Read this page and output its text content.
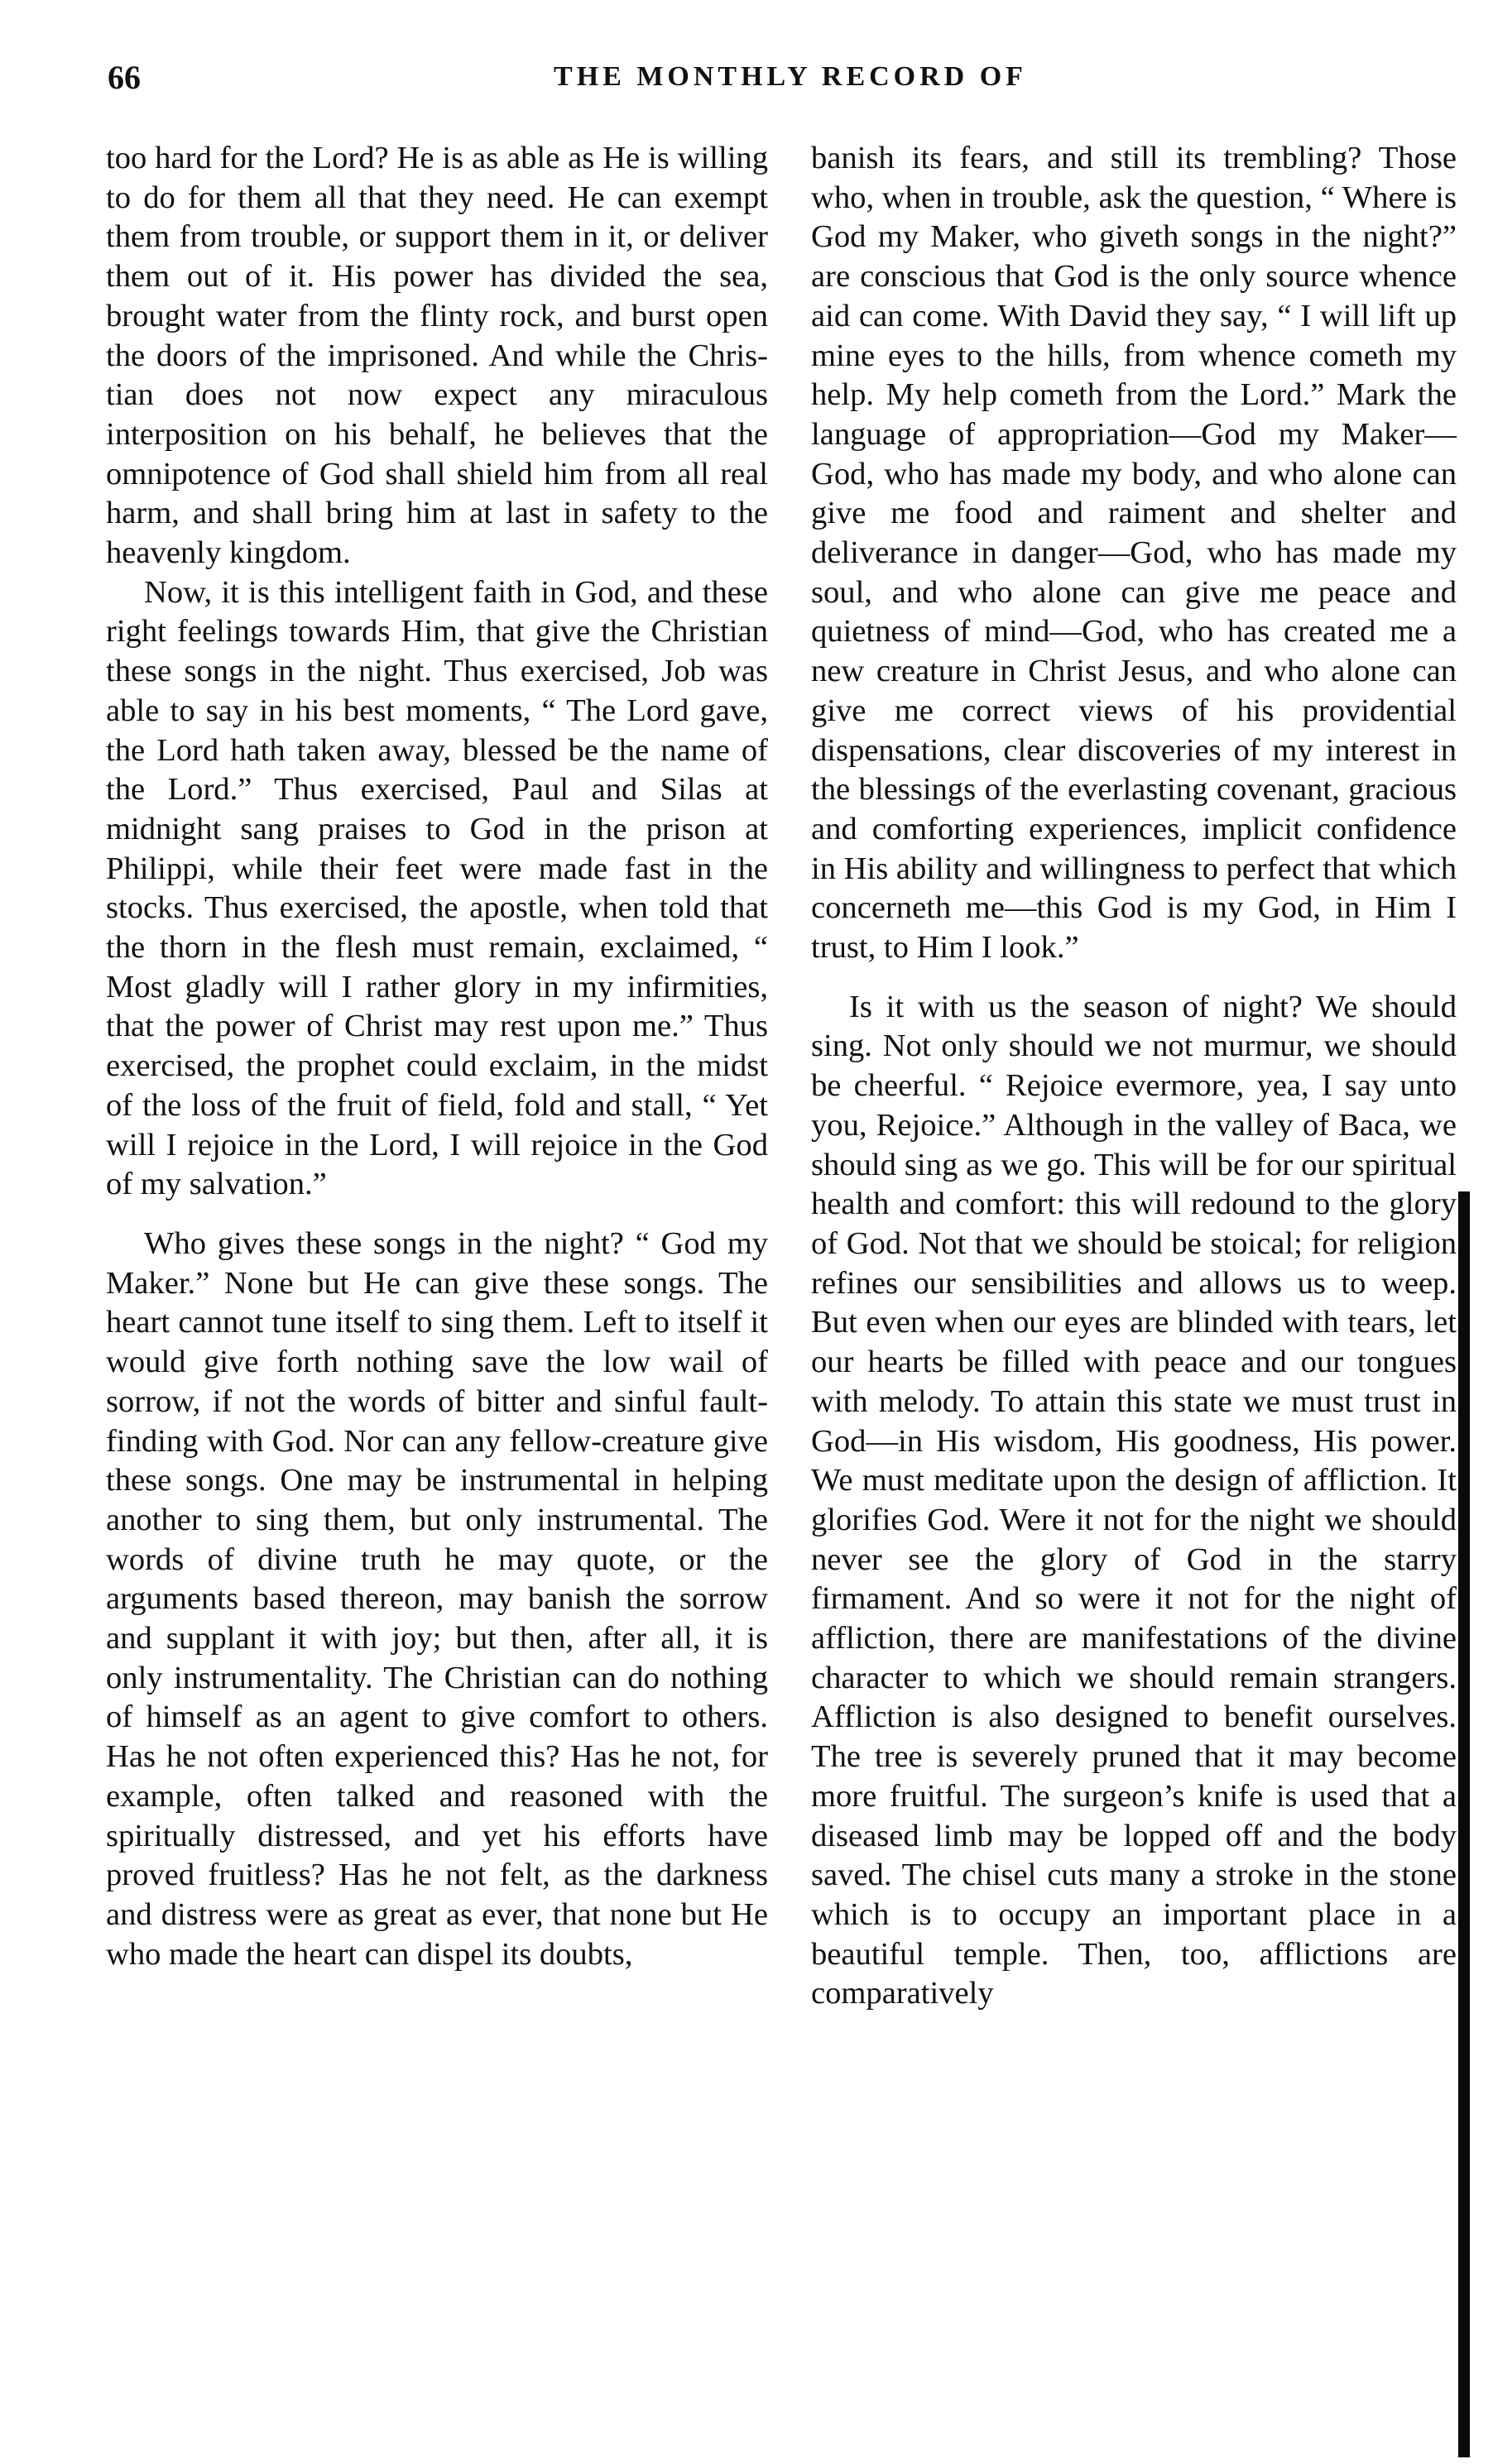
66	THE MONTHLY RECORD OF

too hard for the Lord? He is as able as He is willing to do for them all that they need. He can exempt them from trouble, or support them in it, or deliver them out of it. His power has divided the sea, brought water from the flinty rock, and burst open the doors of the imprisoned. And while the Christian does not now expect any miraculous interposition on his behalf, he believes that the omnipotence of God shall shield him from all real harm, and shall bring him at last in safety to the heavenly kingdom.

Now, it is this intelligent faith in God, and these right feelings towards Him, that give the Christian these songs in the night. Thus exercised, Job was able to say in his best moments, “ The Lord gave, the Lord hath taken away, blessed be the name of the Lord.” Thus exercised, Paul and Silas at midnight sang praises to God in the prison at Philippi, while their feet were made fast in the stocks. Thus exercised, the apostle, when told that the thorn in the flesh must remain, exclaimed, “ Most gladly will I rather glory in my infirmities, that the power of Christ may rest upon me.” Thus exercised, the prophet could exclaim, in the midst of the loss of the fruit of field, fold and stall, “ Yet will I rejoice in the Lord, I will rejoice in the God of my salvation.”

Who gives these songs in the night? “ God my Maker.” None but He can give these songs. The heart cannot tune itself to sing them. Left to itself it would give forth nothing save the low wail of sorrow, if not the words of bitter and sinful fault-finding with God. Nor can any fellow-creature give these songs. One may be instrumental in helping another to sing them, but only instrumental. The words of divine truth he may quote, or the arguments based thereon, may banish the sorrow and supplant it with joy; but then, after all, it is only instrumentality. The Christian can do nothing of himself as an agent to give comfort to others. Has he not often experienced this? Has he not, for example, often talked and reasoned with the spiritually distressed, and yet his efforts have proved fruitless? Has he not felt, as the darkness and distress were as great as ever, that none but He who made the heart can dispel its doubts,

banish its fears, and still its trembling? Those who, when in trouble, ask the question, “ Where is God my Maker, who giveth songs in the night?” are conscious that God is the only source whence aid can come. With David they say, “ I will lift up mine eyes to the hills, from whence cometh my help. My help cometh from the Lord.” Mark the language of appropriation—God my Maker—God, who has made my body, and who alone can give me food and raiment and shelter and deliverance in danger—God, who has made my soul, and who alone can give me peace and quietness of mind—God, who has created me a new creature in Christ Jesus, and who alone can give me correct views of his providential dispensations, clear discoveries of my interest in the blessings of the everlasting covenant, gracious and comforting experiences, implicit confidence in His ability and willingness to perfect that which concerneth me—this God is my God, in Him I trust, to Him I look.”

Is it with us the season of night? We should sing. Not only should we not murmur, we should be cheerful. “ Rejoice evermore, yea, I say unto you, Rejoice.” Although in the valley of Baca, we should sing as we go. This will be for our spiritual health and comfort: this will redound to the glory of God. Not that we should be stoical; for religion refines our sensibilities and allows us to weep. But even when our eyes are blinded with tears, let our hearts be filled with peace and our tongues with melody. To attain this state we must trust in God—in His wisdom, His goodness, His power. We must meditate upon the design of affliction. It glorifies God. Were it not for the night we should never see the glory of God in the starry firmament. And so were it not for the night of affliction, there are manifestations of the divine character to which we should remain strangers. Affliction is also designed to benefit ourselves. The tree is severely pruned that it may become more fruitful. The surgeon’s knife is used that a diseased limb may be lopped off and the body saved. The chisel cuts many a stroke in the stone which is to occupy an important place in a beautiful temple. Then, too, afflictions are comparatively
